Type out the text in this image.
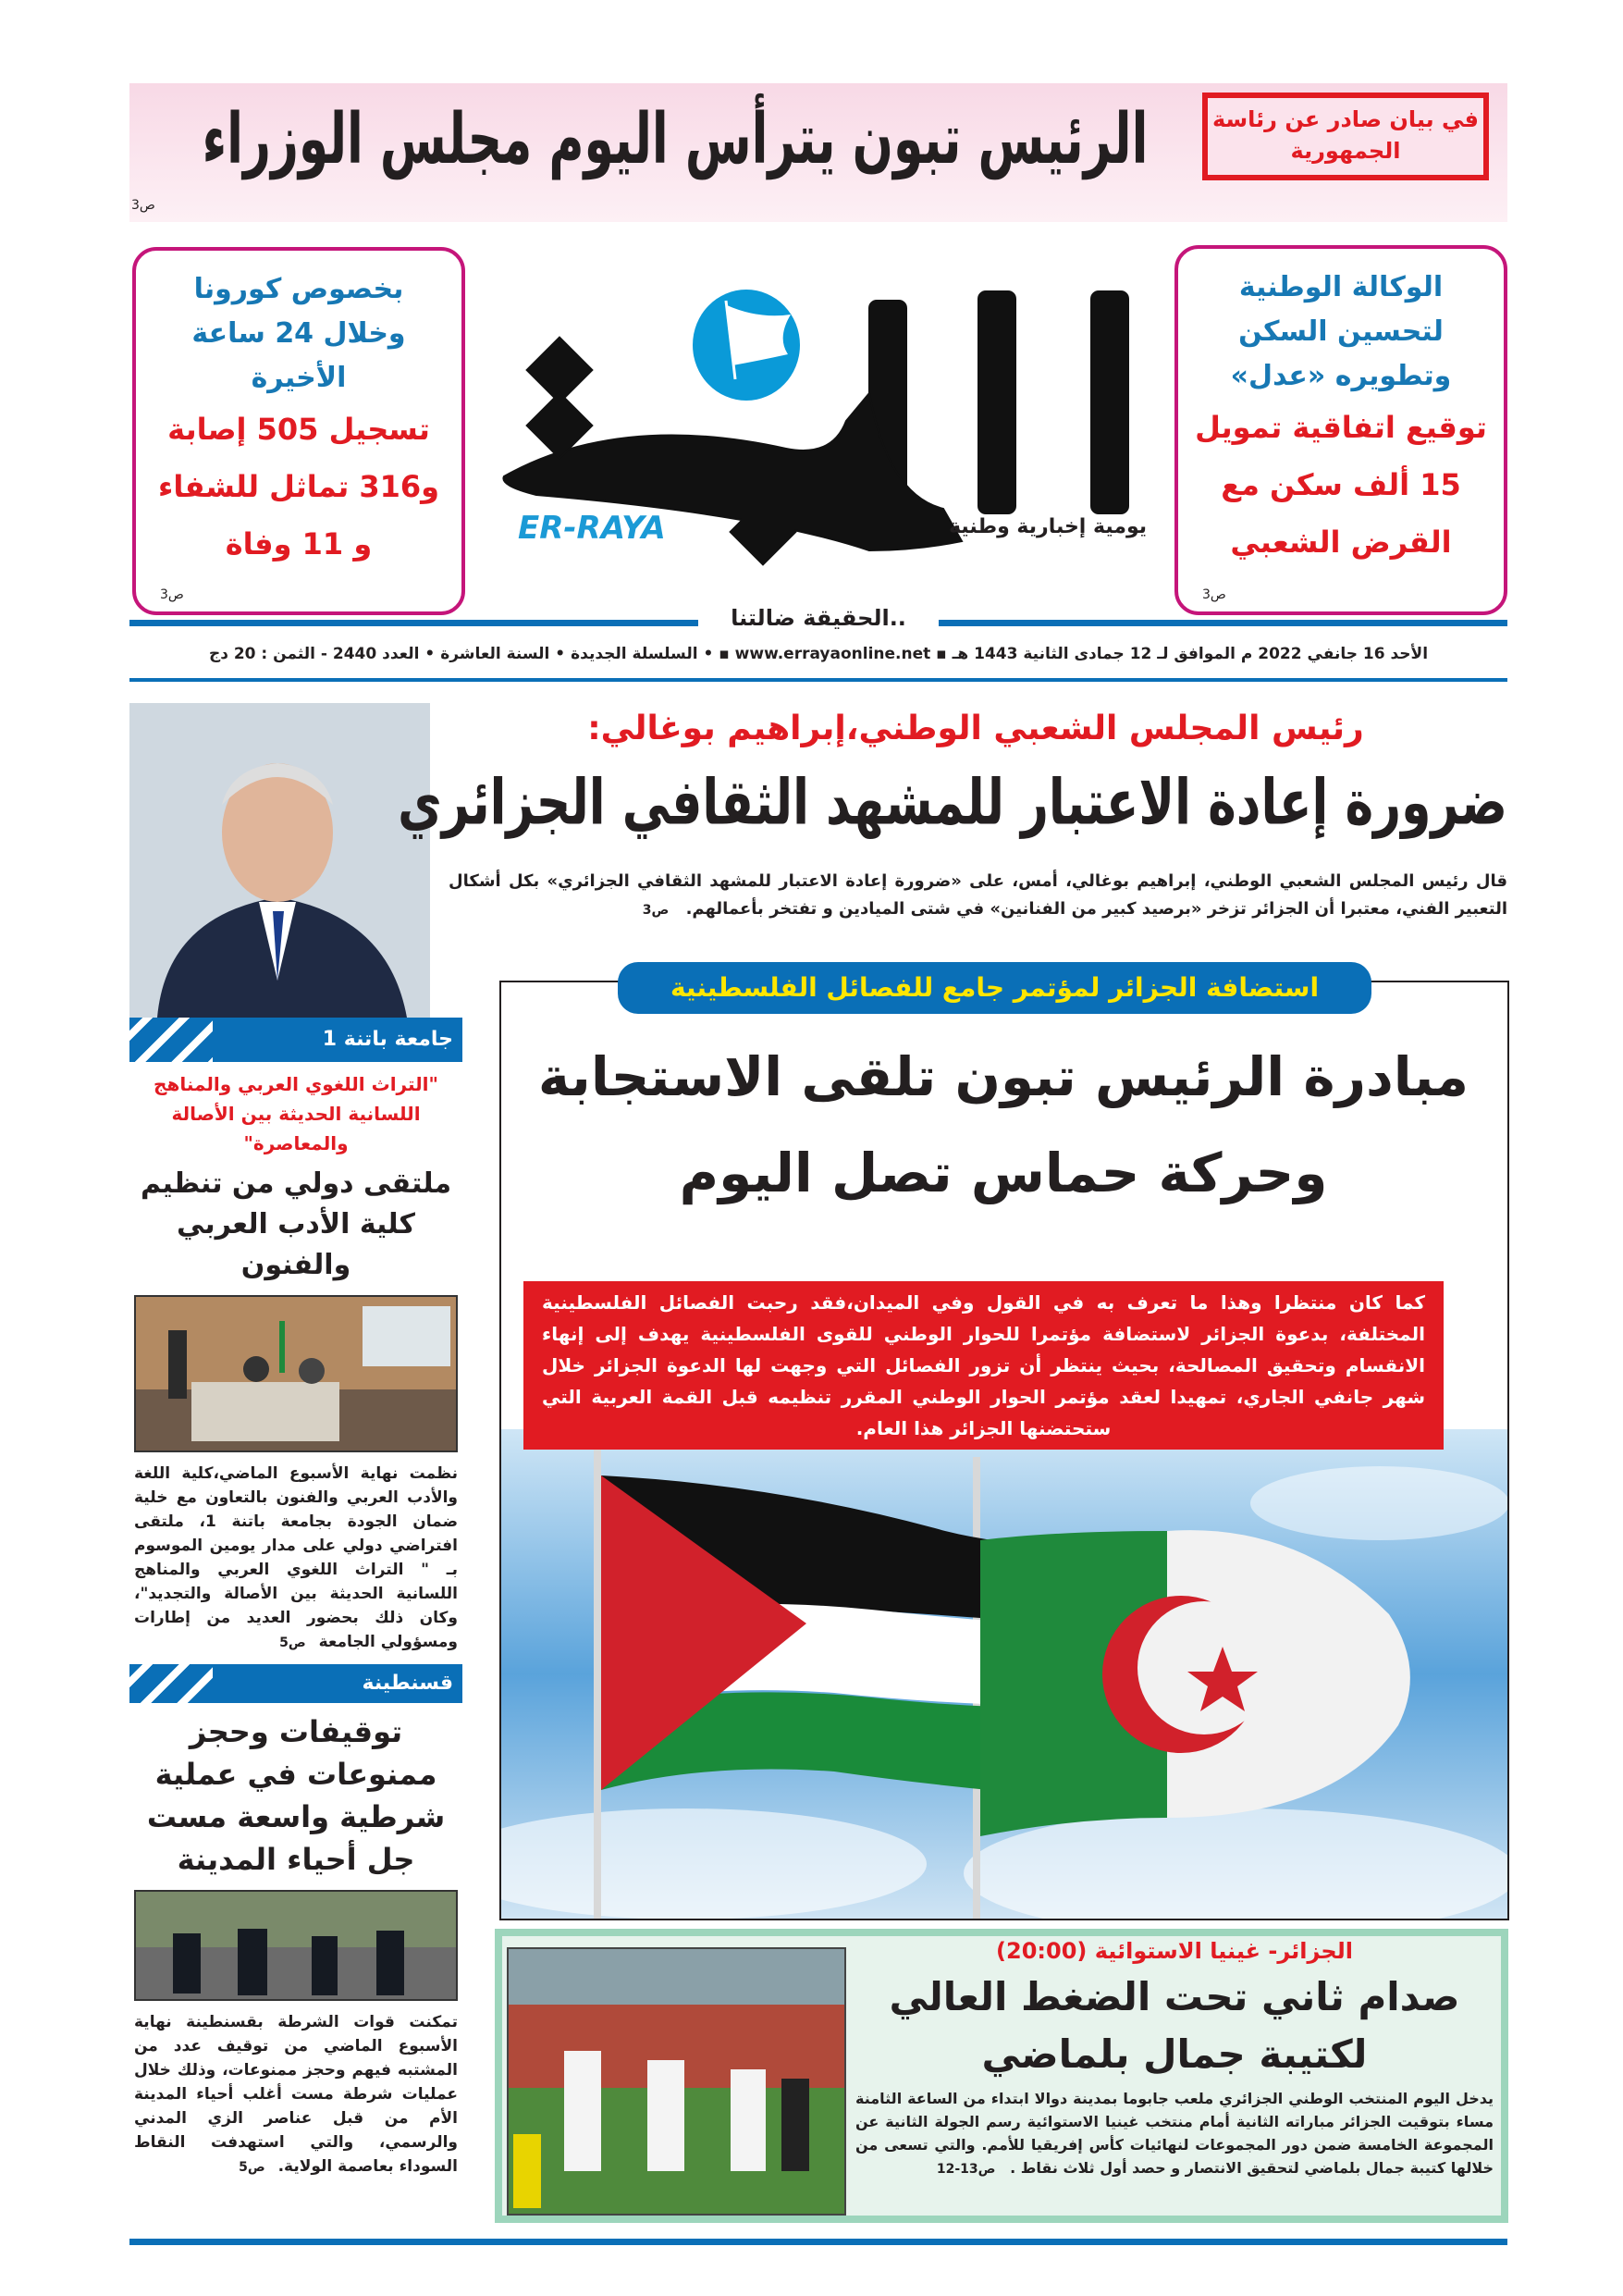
في بيان صادر عن رئاسة الجمهورية
الرئيس تبون يترأس اليوم مجلس الوزراء
ص3
بخصوص كورونا
وخلال 24 ساعة
الأخيرة
تسجيل 505 إصابة
و316 تماثل للشفاء
و 11 وفاة
ص3
الوكالة الوطنية
لتحسين السكن
وتطويره «عدل»
توقيع اتفاقية تمويل
15 ألف سكن مع
القرض الشعبي
ص3
ER-RAYA	يومية إخبارية وطنية
..الحقيقة ضالتنا
الأحد 16 جانفي 2022 م الموافق لـ 12 جمادى الثانية 1443 هـ ▪ www.errayaonline.net ▪ • السلسلة الجديدة • السنة العاشرة • العدد 2440 - الثمن : 20 دج
رئيس المجلس الشعبي الوطني،إبراهيم بوغالي:
ضرورة إعادة الاعتبار للمشهد الثقافي الجزائري
قال رئيس المجلس الشعبي الوطني، إبراهيم بوغالي، أمس، على «ضرورة إعادة الاعتبار للمشهد الثقافي الجزائري» بكل أشكال التعبير الفني، معتبرا أن الجزائر تزخر «برصيد كبير من الفنانين» في شتى الميادين و تفتخر بأعمالهم. ص3
استضافة الجزائر لمؤتمر جامع للفصائل الفلسطينية
مبادرة الرئيس تبون تلقى الاستجابة
وحركة حماس تصل اليوم
كما كان منتظرا وهذا ما تعرف به في القول وفي الميدان،فقد رحبت الفصائل الفلسطينية المختلفة، بدعوة الجزائر لاستضافة مؤتمرا للحوار الوطني للقوى الفلسطينية يهدف إلى إنهاء الانقسام وتحقيق المصالحة، بحيث ينتظر أن تزور الفصائل التي وجهت لها الدعوة الجزائر خلال شهر جانفي الجاري، تمهيدا لعقد مؤتمر الحوار الوطني المقرر تنظيمه قبل القمة العربية التي ستحتضنها الجزائر هذا العام.
جامعة باتنة 1
"التراث اللغوي العربي والمناهج اللسانية الحديثة بين الأصالة والمعاصرة"
ملتقى دولي من تنظيم كلية الأدب العربي والفنون
نظمت نهاية الأسبوع الماضي،كلية اللغة والأدب العربي والفنون بالتعاون مع خلية ضمان الجودة بجامعة باتنة 1، ملتقى افتراضي دولي على مدار يومين الموسوم بـ " التراث اللغوي العربي والمناهج اللسانية الحديثة بين الأصالة والتجديد"، وكان ذلك بحضور العديد من إطارات ومسؤولي الجامعة ص5
قسنطينة
توقيفات وحجز ممنوعات في عملية شرطية واسعة مست جل أحياء المدينة
تمكنت قوات الشرطة بقسنطينة نهاية الأسبوع الماضي من توقيف عدد من المشتبه فيهم وحجز ممنوعات، وذلك خلال عمليات شرطة مست أغلب أحياء المدينة الأم من قبل عناصر الزي المدني والرسمي، والتي استهدفت النقاط السوداء بعاصمة الولاية. ص5
الجزائر- غينيا الاستوائية (20:00)
صدام ثاني تحت الضغط العالي
لكتيبة جمال بلماضي
يدخل اليوم المنتخب الوطني الجزائري ملعب جابوما بمدينة دوالا ابتداء من الساعة الثامنة مساء بتوقيت الجزائر مباراته الثانية أمام منتخب غينيا الاستوائية رسم الجولة الثانية عن المجموعة الخامسة ضمن دور المجموعات لنهائيات كأس إفريقيا للأمم. والتي تسعى من خلالها كتيبة جمال بلماضي لتحقيق الانتصار و حصد أول ثلاث نقاط . ص13-12
